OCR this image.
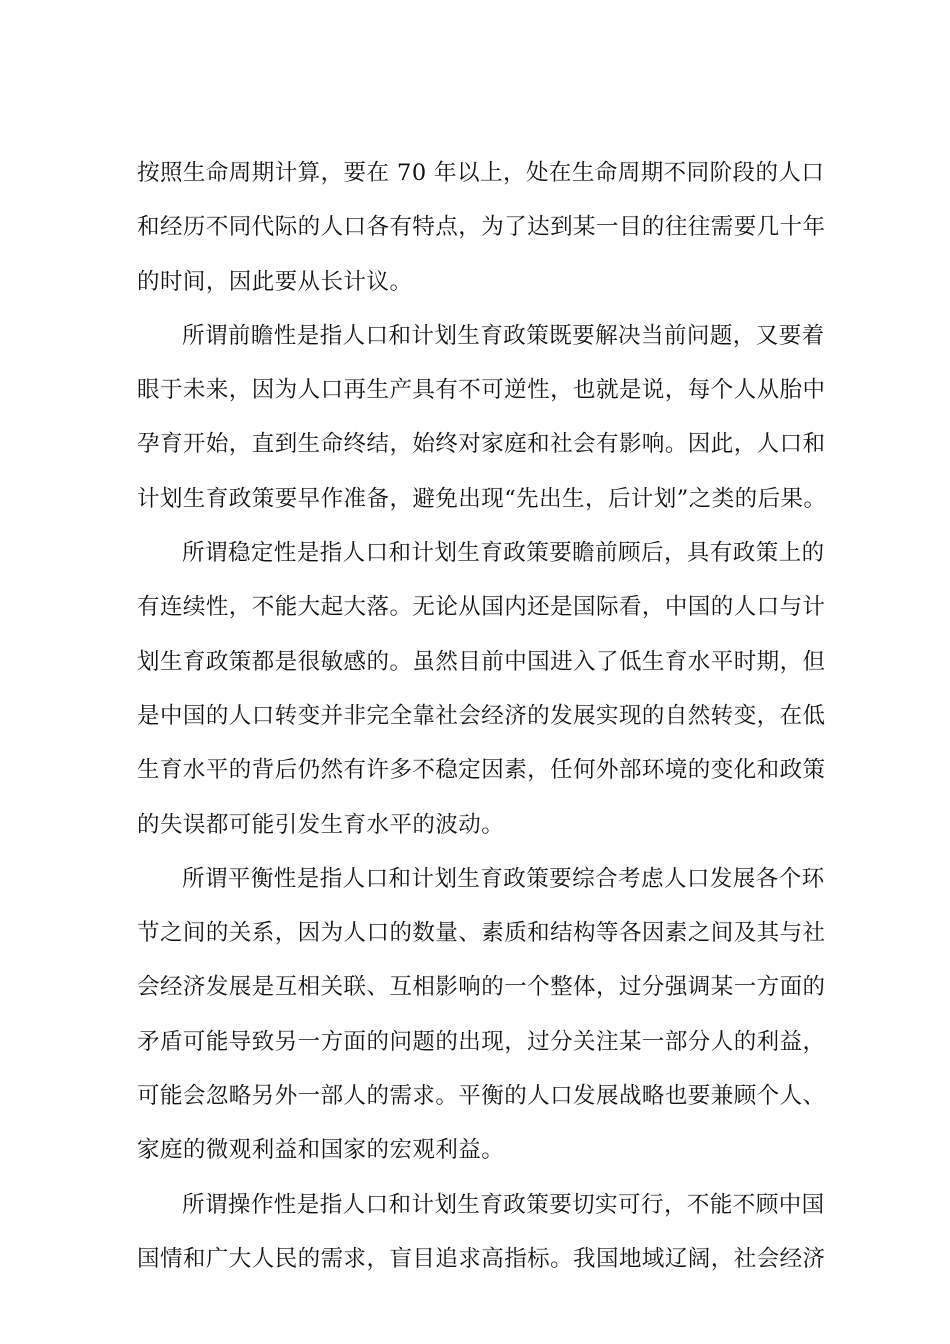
按照生命周期计算，要在 70 年以上，处在生命周期不同阶段的人口
和经历不同代际的人口各有特点，为了达到某一目的往往需要几十年
的时间，因此要从长计议。
所谓前瞻性是指人口和计划生育政策既要解决当前问题，又要着
眼于未来，因为人口再生产具有不可逆性，也就是说，每个人从胎中
孕育开始，直到生命终结，始终对家庭和社会有影响。因此，人口和
计划生育政策要早作准备，避免出现“先出生，后计划”之类的后果。
所谓稳定性是指人口和计划生育政策要瞻前顾后，具有政策上的
有连续性，不能大起大落。无论从国内还是国际看，中国的人口与计
划生育政策都是很敏感的。虽然目前中国进入了低生育水平时期，但
是中国的人口转变并非完全靠社会经济的发展实现的自然转变，在低
生育水平的背后仍然有许多不稳定因素，任何外部环境的变化和政策
的失误都可能引发生育水平的波动。
所谓平衡性是指人口和计划生育政策要综合考虑人口发展各个环
节之间的关系，因为人口的数量、素质和结构等各因素之间及其与社
会经济发展是互相关联、互相影响的一个整体，过分强调某一方面的
矛盾可能导致另一方面的问题的出现，过分关注某一部分人的利益，
可能会忽略另外一部人的需求。平衡的人口发展战略也要兼顾个人、
家庭的微观利益和国家的宏观利益。
所谓操作性是指人口和计划生育政策要切实可行，不能不顾中国
国情和广大人民的需求，盲目追求高指标。我国地域辽阔，社会经济
